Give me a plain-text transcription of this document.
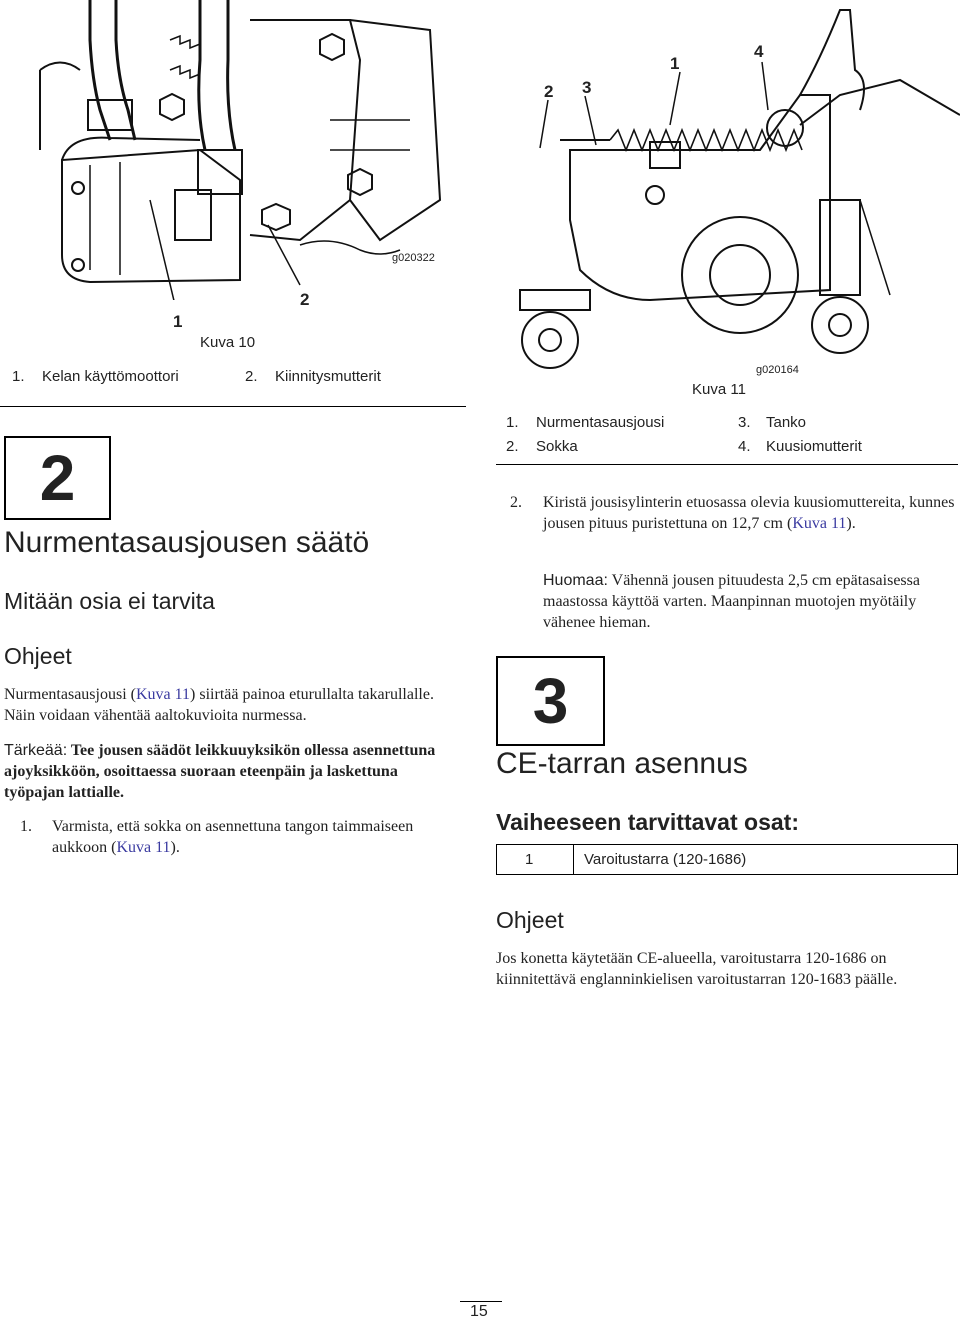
1
2
g020322
Kuva 10
1. Kelan käyttömoottori	2. Kiinnitysmutterit
2 3
1
4
g020164
Kuva 11
1. Nurmentasausjousi	3. Tanko
2. Sokka	4. Kuusiomutterit
2
Nurmentasausjousen säätö
Mitään osia ei tarvita
Ohjeet
Nurmentasausjousi (Kuva 11) siirtää painoa eturullalta takarullalle. Näin voidaan vähentää aaltokuvioita nurmessa.
Tärkeää: Tee jousen säädöt leikkuuyksikön ollessa asennettuna ajoyksikköön, osoittaessa suoraan eteenpäin ja laskettuna työpajan lattialle.
1. Varmista, että sokka on asennettuna tangon taimmaiseen aukkoon (Kuva 11).
2. Kiristä jousisylinterin etuosassa olevia kuusiomuttereita, kunnes jousen pituus puristettuna on 12,7 cm (Kuva 11).
Huomaa: Vähennä jousen pituudesta 2,5 cm epätasaisessa maastossa käyttöä varten. Maanpinnan muotojen myötäily vähenee hieman.
3
CE-tarran asennus
Vaiheeseen tarvittavat osat:
1	Varoitustarra (120-1686)
Ohjeet
Jos konetta käytetään CE-alueella, varoitustarra 120-1686 on kiinnitettävä englanninkielisen varoitustarran 120-1683 päälle.
15
